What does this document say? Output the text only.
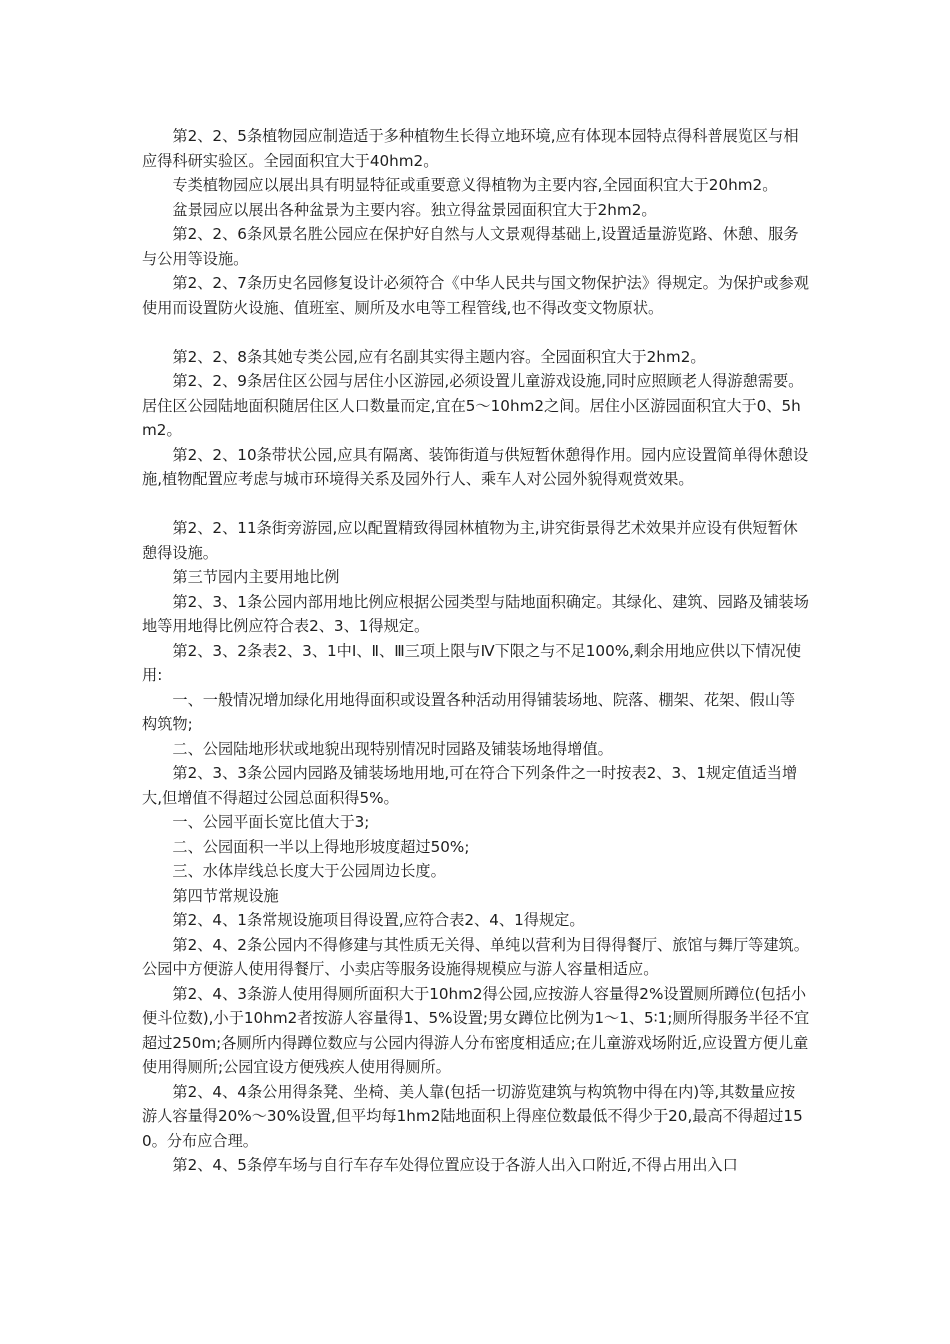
第2、2、5条植物园应制造适于多种植物生长得立地环境,应有体现本园特点得科普展览区与相应得科研实验区。全园面积宜大于40hm2。

专类植物园应以展出具有明显特征或重要意义得植物为主要内容,全园面积宜大于20hm2。

盆景园应以展出各种盆景为主要内容。独立得盆景园面积宜大于2hm2。

第2、2、6条风景名胜公园应在保护好自然与人文景观得基础上,设置适量游览路、休憩、服务与公用等设施。

第2、2、7条历史名园修复设计必须符合《中华人民共与国文物保护法》得规定。为保护或参观使用而设置防火设施、值班室、厕所及水电等工程管线,也不得改变文物原状。

第2、2、8条其她专类公园,应有名副其实得主题内容。全园面积宜大于2hm2。

第2、2、9条居住区公园与居住小区游园,必须设置儿童游戏设施,同时应照顾老人得游憩需要。居住区公园陆地面积随居住区人口数量而定,宜在5～10hm2之间。居住小区游园面积宜大于0、5hm2。

第2、2、10条带状公园,应具有隔离、装饰街道与供短暂休憩得作用。园内应设置简单得休憩设施,植物配置应考虑与城市环境得关系及园外行人、乘车人对公园外貌得观赏效果。

第2、2、11条街旁游园,应以配置精致得园林植物为主,讲究街景得艺术效果并应设有供短暂休憩得设施。

第三节园内主要用地比例

第2、3、1条公园内部用地比例应根据公园类型与陆地面积确定。其绿化、建筑、园路及铺装场地等用地得比例应符合表2、3、1得规定。

第2、3、2条表2、3、1中Ⅰ、Ⅱ、Ⅲ三项上限与Ⅳ下限之与不足100%,剩余用地应供以下情况使用:

一、一般情况增加绿化用地得面积或设置各种活动用得铺装场地、院落、棚架、花架、假山等构筑物;

二、公园陆地形状或地貌出现特别情况时园路及铺装场地得增值。

第2、3、3条公园内园路及铺装场地用地,可在符合下列条件之一时按表2、3、1规定值适当增大,但增值不得超过公园总面积得5%。

一、公园平面长宽比值大于3;

二、公园面积一半以上得地形坡度超过50%;

三、水体岸线总长度大于公园周边长度。

第四节常规设施

第2、4、1条常规设施项目得设置,应符合表2、4、1得规定。

第2、4、2条公园内不得修建与其性质无关得、单纯以营利为目得得餐厅、旅馆与舞厅等建筑。公园中方便游人使用得餐厅、小卖店等服务设施得规模应与游人容量相适应。

第2、4、3条游人使用得厕所面积大于10hm2得公园,应按游人容量得2%设置厕所蹲位(包括小便斗位数),小于10hm2者按游人容量得1、5%设置;男女蹲位比例为1～1、5∶1;厕所得服务半径不宜超过250m;各厕所内得蹲位数应与公园内得游人分布密度相适应;在儿童游戏场附近,应设置方便儿童使用得厕所;公园宜设方便残疾人使用得厕所。

第2、4、4条公用得条凳、坐椅、美人靠(包括一切游览建筑与构筑物中得在内)等,其数量应按游人容量得20%～30%设置,但平均每1hm2陆地面积上得座位数最低不得少于20,最高不得超过150。分布应合理。

第2、4、5条停车场与自行车存车处得位置应设于各游人出入口附近,不得占用出入口
